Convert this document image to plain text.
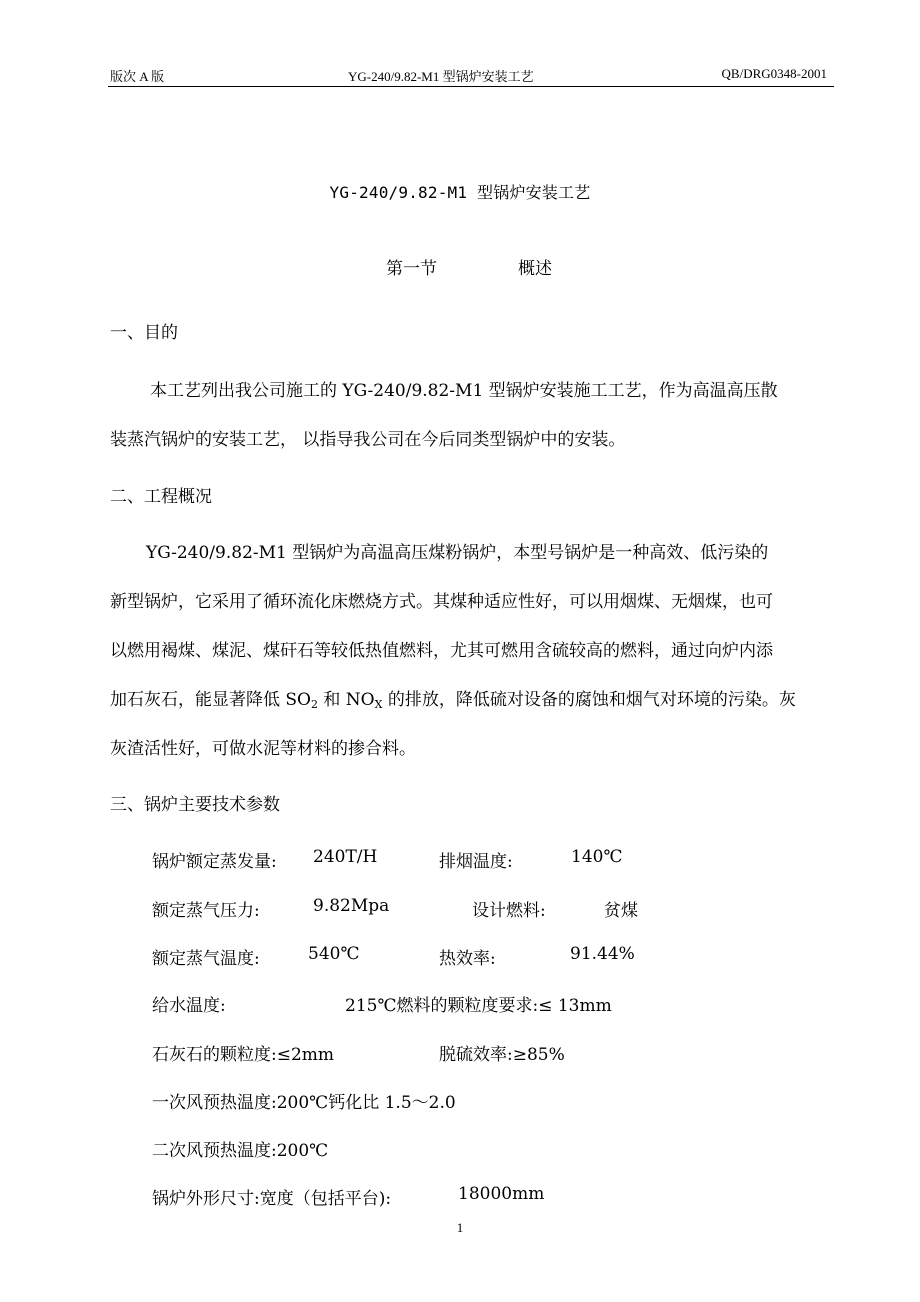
版次 A 版	YG-240/9.82-M1 型锅炉安装工艺	QB/DRG0348-2001
YG-240/9.82-M1 型锅炉安装工艺
第一节	概述
一、目的
本工艺列出我公司施工的 YG-240/9.82-M1 型锅炉安装施工工艺，作为高温高压散
装蒸汽锅炉的安装工艺， 以指导我公司在今后同类型锅炉中的安装。
二、工程概况
YG-240/9.82-M1 型锅炉为高温高压煤粉锅炉，本型号锅炉是一种高效、低污染的
新型锅炉，它采用了循环流化床燃烧方式。其煤种适应性好，可以用烟煤、无烟煤，也可
以燃用褐煤、煤泥、煤矸石等较低热值燃料，尤其可燃用含硫较高的燃料，通过向炉内添
加石灰石，能显著降低 $SO_2$ 和 $NO_X$ 的排放，降低硫对设备的腐蚀和烟气对环境的污染。灰
灰渣活性好，可做水泥等材料的掺合料。
三、锅炉主要技术参数
锅炉额定蒸发量: 240T/H	排烟温度:	140℃
额定蒸气压力:	9.82Mpa	设计燃料:	贫煤
额定蒸气温度:	540℃	热效率:	91.44%
给水温度:	215℃燃料的颗粒度要求:≤ 13mm
石灰石的颗粒度:≤2mm	脱硫效率:≥85%
一次风预热温度:200℃钙化比 1.5～2.0
二次风预热温度:200℃
锅炉外形尺寸:宽度（包括平台):	18000mm
1
